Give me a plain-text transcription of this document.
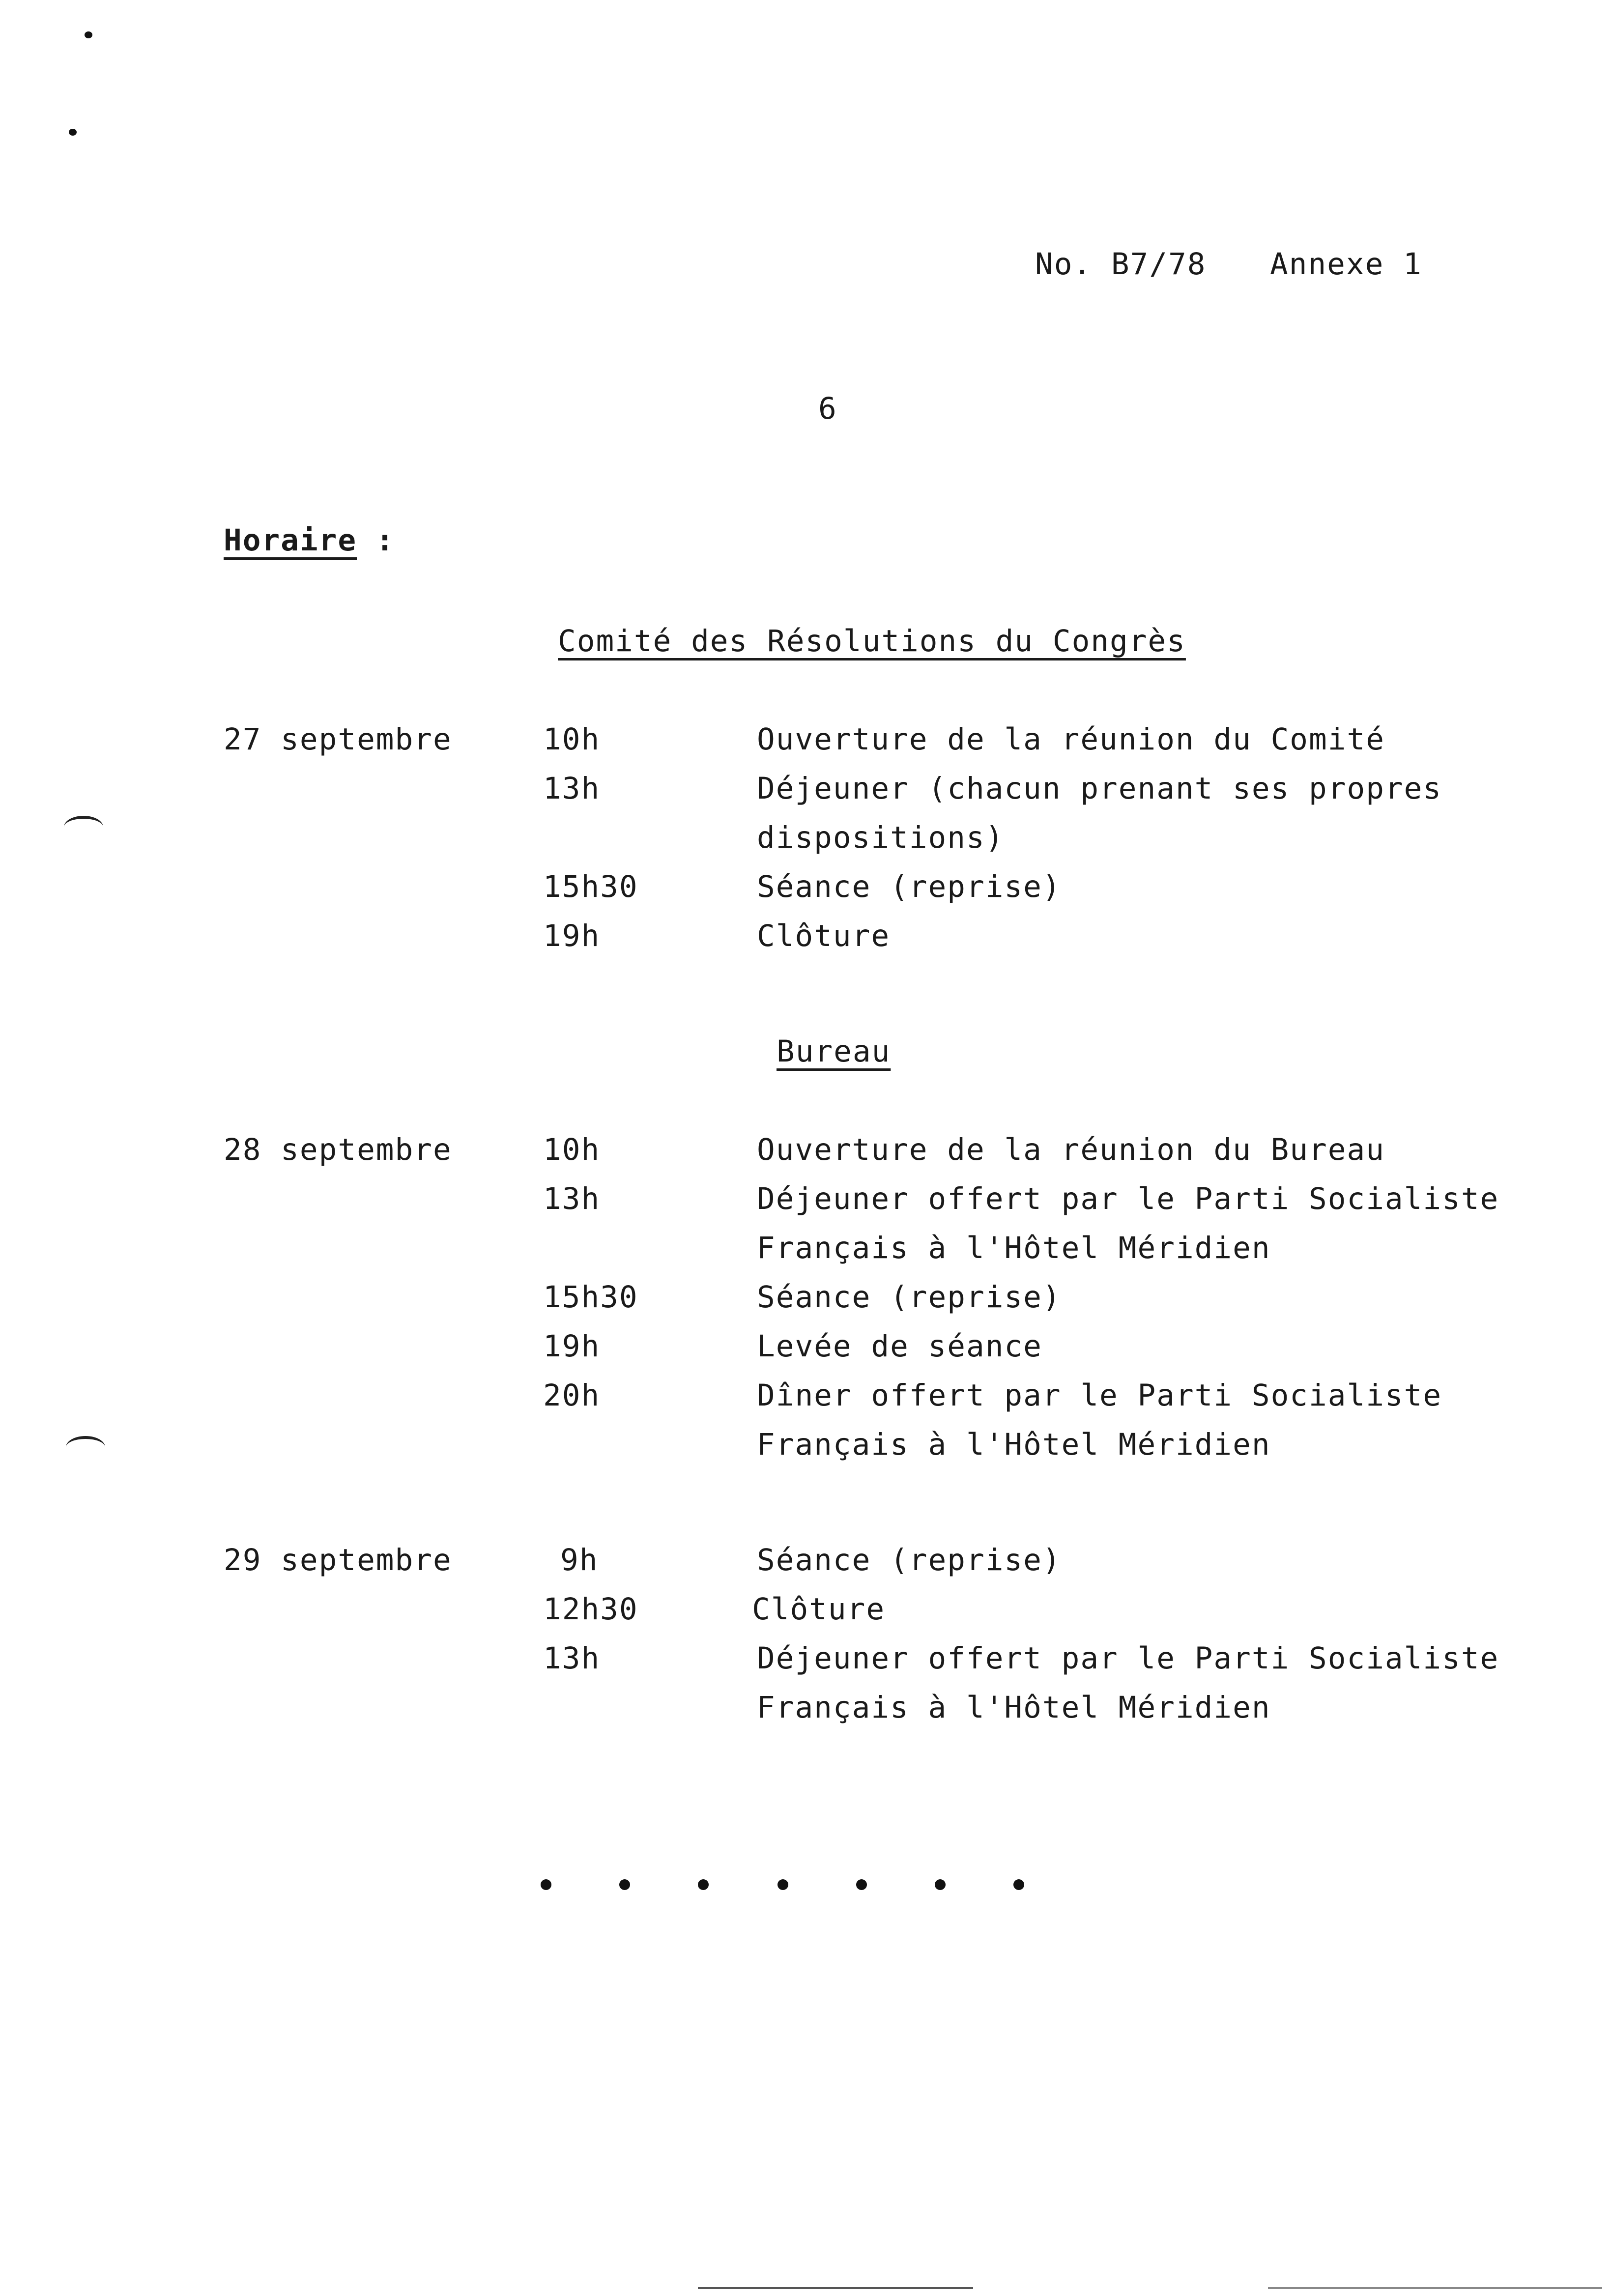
No. B7/78 Annexe 1
6
Horaire :
Comité des Résolutions du Congrès
27 septembre	10h	Ouverture de la réunion du Comité
13h	Déjeuner (chacun prenant ses propres
dispositions)
15h30	Séance (reprise)
19h	Clôture
Bureau
28 septembre	10h	Ouverture de la réunion du Bureau
13h	Déjeuner offert par le Parti Socialiste
Français à l'Hôtel Méridien
15h30	Séance (reprise)
19h	Levée de séance
20h	Dîner offert par le Parti Socialiste
Français à l'Hôtel Méridien
29 septembre	9h	Séance (reprise)
12h30	Clôture
13h	Déjeuner offert par le Parti Socialiste
Français à l'Hôtel Méridien
